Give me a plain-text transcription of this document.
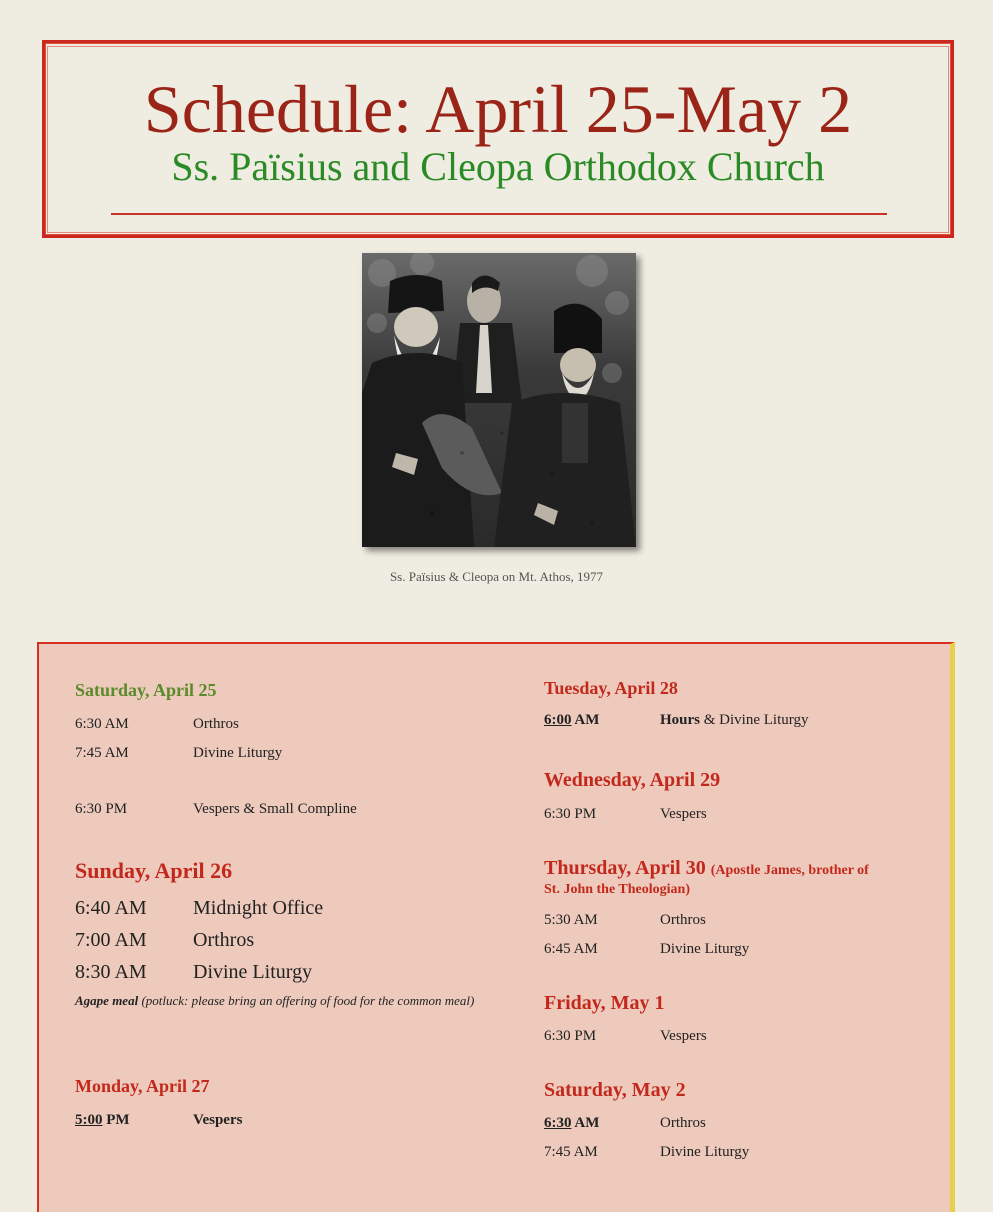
Schedule: April 25-May 2
Ss. Païsius and Cleopa Orthodox Church
Ss. Païsius & Cleopa on Mt. Athos, 1977
Saturday, April 25
6:30 AM	Orthros
7:45 AM	Divine Liturgy
6:30 PM	Vespers & Small Compline
Sunday, April 26
6:40 AM Midnight Office
7:00 AM Orthros
8:30 AM Divine Liturgy
Agape meal (potluck: please bring an offering of food for the common meal)
Monday, April 27
5:00 PM	Vespers
Tuesday, April 28
6:00 AM	Hours & Divine Liturgy
Wednesday, April 29
6:30 PM	Vespers
Thursday, April 30 (Apostle James, brother of
St. John the Theologian)
5:30 AM	Orthros
6:45 AM	Divine Liturgy
Friday, May 1
6:30 PM	Vespers
Saturday, May 2
6:30 AM	Orthros
7:45 AM	Divine Liturgy
